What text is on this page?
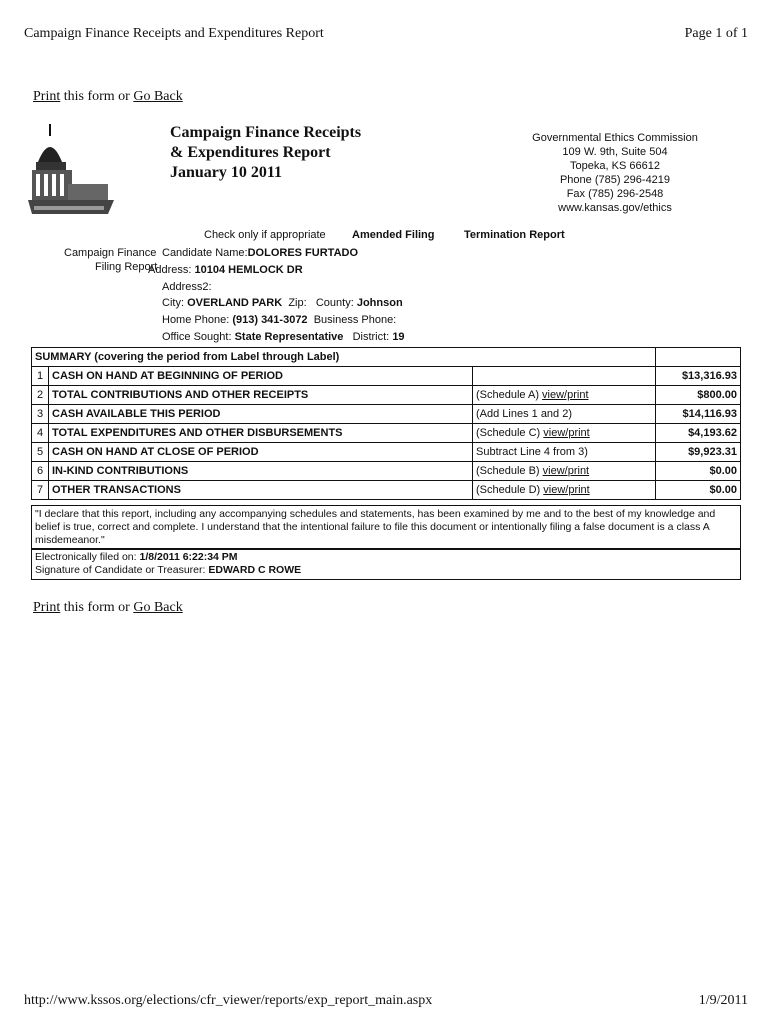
Campaign Finance Receipts and Expenditures Report	Page 1 of 1
Print this form or Go Back
Campaign Finance Receipts
& Expenditures Report
January 10 2011
Governmental Ethics Commission
109 W. 9th, Suite 504
Topeka, KS 66612
Phone (785) 296-4219
Fax (785) 296-2548
www.kansas.gov/ethics
Check only if appropriate Amended Filing	Termination Report
Campaign Finance
Filing Report
Candidate Name:DOLORES FURTADO
Address: 10104 HEMLOCK DR
Address2:
City: OVERLAND PARK Zip: County: Johnson
Home Phone: (913) 341-3072 Business Phone:
Office Sought: State Representative District: 19
SUMMARY (covering the period from Label through Label)			
1	CASH ON HAND AT BEGINNING OF PERIOD		$13,316.93
2	TOTAL CONTRIBUTIONS AND OTHER RECEIPTS	(Schedule A) view/print	$800.00
3	CASH AVAILABLE THIS PERIOD	(Add Lines 1 and 2)	$14,116.93
4	TOTAL EXPENDITURES AND OTHER DISBURSEMENTS	(Schedule C) view/print	$4,193.62
5	CASH ON HAND AT CLOSE OF PERIOD	Subtract Line 4 from 3)	$9,923.31
6	IN-KIND CONTRIBUTIONS	(Schedule B) view/print	$0.00
7	OTHER TRANSACTIONS	(Schedule D) view/print	$0.00
"I declare that this report, including any accompanying schedules and statements, has been examined by me and to the best of my knowledge and belief is true, correct and complete. I understand that the intentional failure to file this document or intentionally filing a false document is a class A misdemeanor."
Electronically filed on: 1/8/2011 6:22:34 PM
Signature of Candidate or Treasurer: EDWARD C ROWE
Print this form or Go Back
http://www.kssos.org/elections/cfr_viewer/reports/exp_report_main.aspx	1/9/2011
